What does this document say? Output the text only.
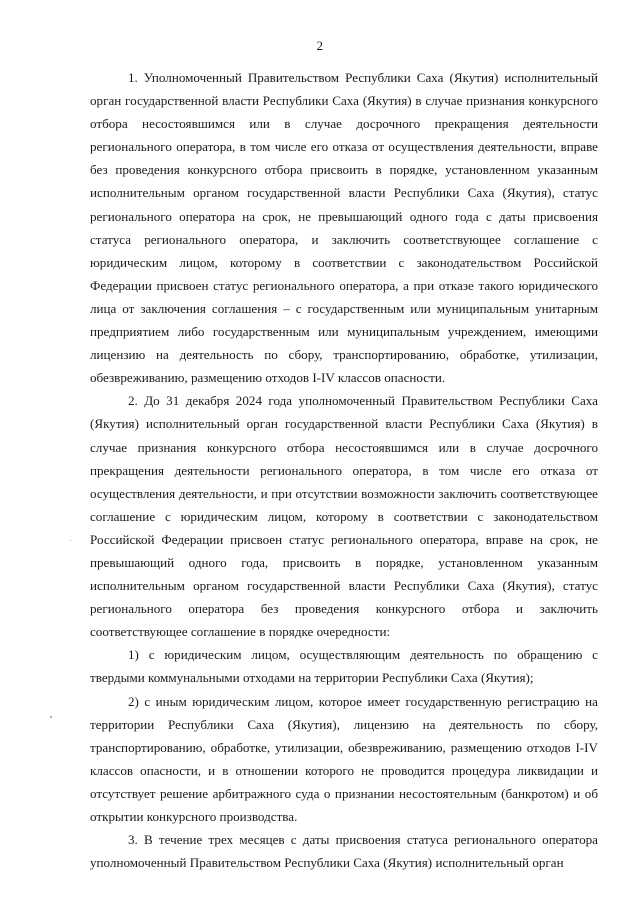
2

1. Уполномоченный Правительством Республики Саха (Якутия) исполнительный орган государственной власти Республики Саха (Якутия) в случае признания конкурсного отбора несостоявшимся или в случае досрочного прекращения деятельности регионального оператора, в том числе его отказа от осуществления деятельности, вправе без проведения конкурсного отбора присвоить в порядке, установленном указанным исполнительным органом государственной власти Республики Саха (Якутия), статус регионального оператора на срок, не превышающий одного года с даты присвоения статуса регионального оператора, и заключить соответствующее соглашение с юридическим лицом, которому в соответствии с законодательством Российской Федерации присвоен статус регионального оператора, а при отказе такого юридического лица от заключения соглашения – с государственным или муниципальным унитарным предприятием либо государственным или муниципальным учреждением, имеющими лицензию на деятельность по сбору, транспортированию, обработке, утилизации, обезвреживанию, размещению отходов I-IV классов опасности.

2. До 31 декабря 2024 года уполномоченный Правительством Республики Саха (Якутия) исполнительный орган государственной власти Республики Саха (Якутия) в случае признания конкурсного отбора несостоявшимся или в случае досрочного прекращения деятельности регионального оператора, в том числе его отказа от осуществления деятельности, и при отсутствии возможности заключить соответствующее соглашение с юридическим лицом, которому в соответствии с законодательством Российской Федерации присвоен статус регионального оператора, вправе на срок, не превышающий одного года, присвоить в порядке, установленном указанным исполнительным органом государственной власти Республики Саха (Якутия), статус регионального оператора без проведения конкурсного отбора и заключить соответствующее соглашение в порядке очередности:

1) с юридическим лицом, осуществляющим деятельность по обращению с твердыми коммунальными отходами на территории Республики Саха (Якутия);

2) с иным юридическим лицом, которое имеет государственную регистрацию на территории Республики Саха (Якутия), лицензию на деятельность по сбору, транспортированию, обработке, утилизации, обезвреживанию, размещению отходов I-IV классов опасности, и в отношении которого не проводится процедура ликвидации и отсутствует решение арбитражного суда о признании несостоятельным (банкротом) и об открытии конкурсного производства.

3. В течение трех месяцев с даты присвоения статуса регионального оператора уполномоченный Правительством Республики Саха (Якутия) исполнительный орган
